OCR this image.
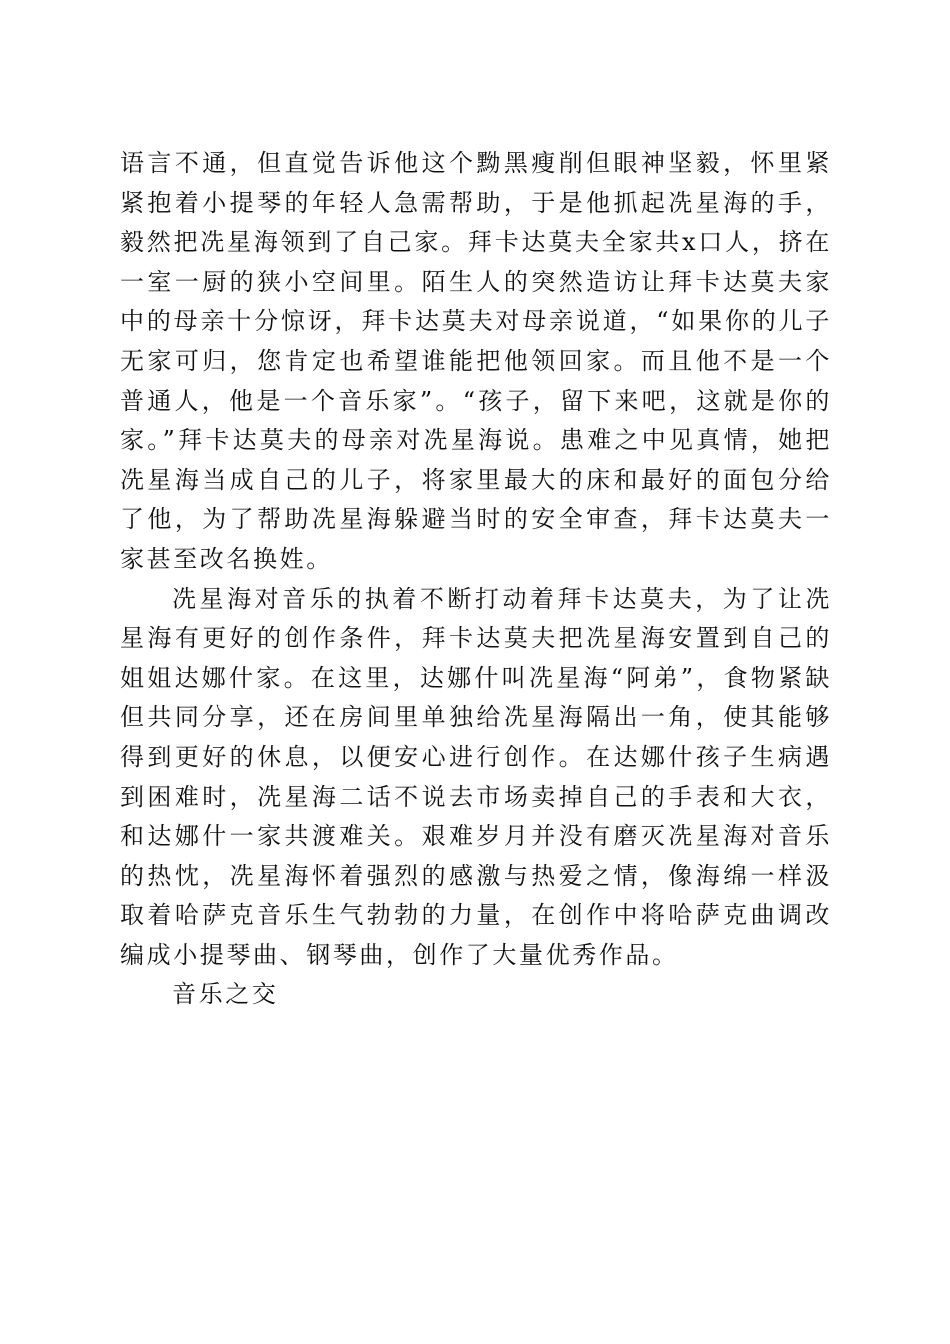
语言不通，但直觉告诉他这个黝黑瘦削但眼神坚毅，怀里紧紧抱着小提琴的年轻人急需帮助，于是他抓起冼星海的手，毅然把冼星海领到了自己家。拜卡达莫夫全家共x口人，挤在一室一厨的狭小空间里。陌生人的突然造访让拜卡达莫夫家中的母亲十分惊讶，拜卡达莫夫对母亲说道，“如果你的儿子无家可归，您肯定也希望谁能把他领回家。而且他不是一个普通人，他是一个音乐家”。“孩子，留下来吧，这就是你的家。”拜卡达莫夫的母亲对冼星海说。患难之中见真情，她把冼星海当成自己的儿子，将家里最大的床和最好的面包分给了他，为了帮助冼星海躲避当时的安全审查，拜卡达莫夫一家甚至改名换姓。

冼星海对音乐的执着不断打动着拜卡达莫夫，为了让冼星海有更好的创作条件，拜卡达莫夫把冼星海安置到自己的姐姐达娜什家。在这里，达娜什叫冼星海“阿弟”，食物紧缺但共同分享，还在房间里单独给冼星海隔出一角，使其能够得到更好的休息，以便安心进行创作。在达娜什孩子生病遇到困难时，冼星海二话不说去市场卖掉自己的手表和大衣，和达娜什一家共渡难关。艰难岁月并没有磨灭冼星海对音乐的热忱，冼星海怀着强烈的感激与热爱之情，像海绵一样汲取着哈萨克音乐生气勃勃的力量，在创作中将哈萨克曲调改编成小提琴曲、钢琴曲，创作了大量优秀作品。

音乐之交
